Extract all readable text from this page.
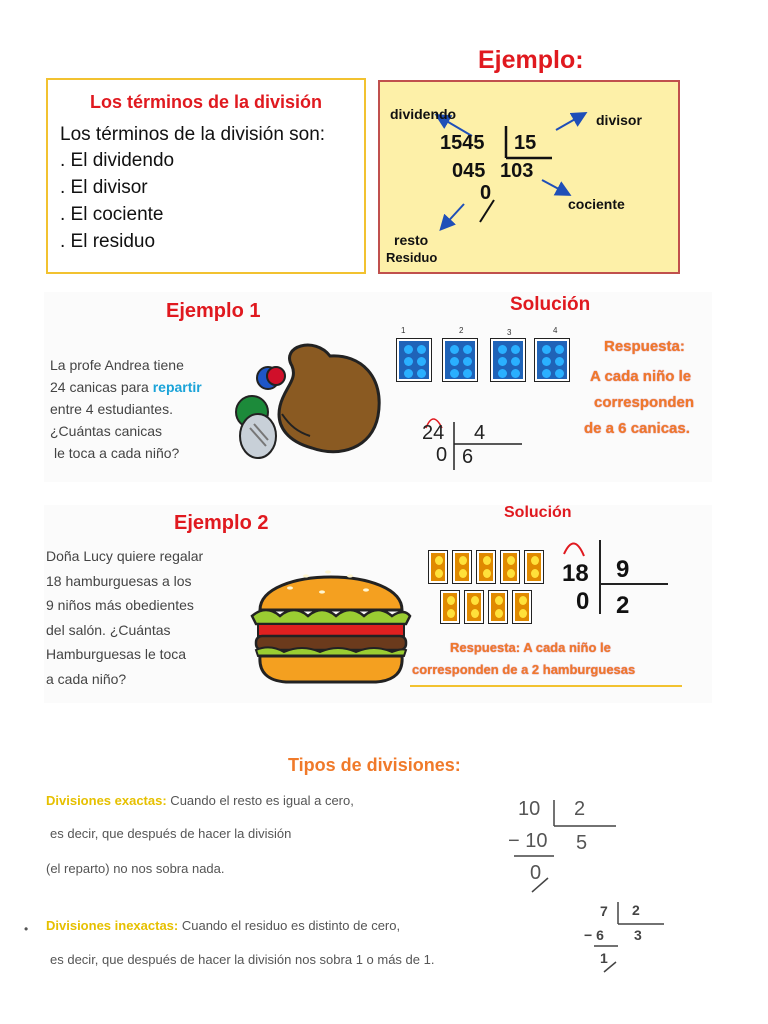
Ejemplo:
Los términos de la división
Los términos de la división son:
. El dividendo
. El divisor
. El cociente
. El residuo
dividendo	divisor
cociente
resto
Residuo
1545 15
045 103
0
Ejemplo 1	Solución
La profe Andrea tiene
24 canicas para repartir
entre 4 estudiantes.
¿Cuántas canicas
le toca a cada niño?
1	2	3	4
24 4
0 6
Respuesta:
A cada niño le
corresponden
de a 6 canicas.
Ejemplo 2	Solución
Doña Lucy quiere regalar
18 hamburguesas a los
9 niños más obedientes
del salón. ¿Cuántas
Hamburguesas le toca
a cada niño?
18 9
0 2
Respuesta: A cada niño le
corresponden de a 2 hamburguesas
Tipos de divisiones:
Divisiones exactas: Cuando el resto es igual a cero,
es decir, que después de hacer la división
(el reparto) no nos sobra nada.
• Divisiones inexactas: Cuando el residuo es distinto de cero,
es decir, que después de hacer la división nos sobra 1 o más de 1.
10 2
− 10 5
0
7 2
− 6 3
1
